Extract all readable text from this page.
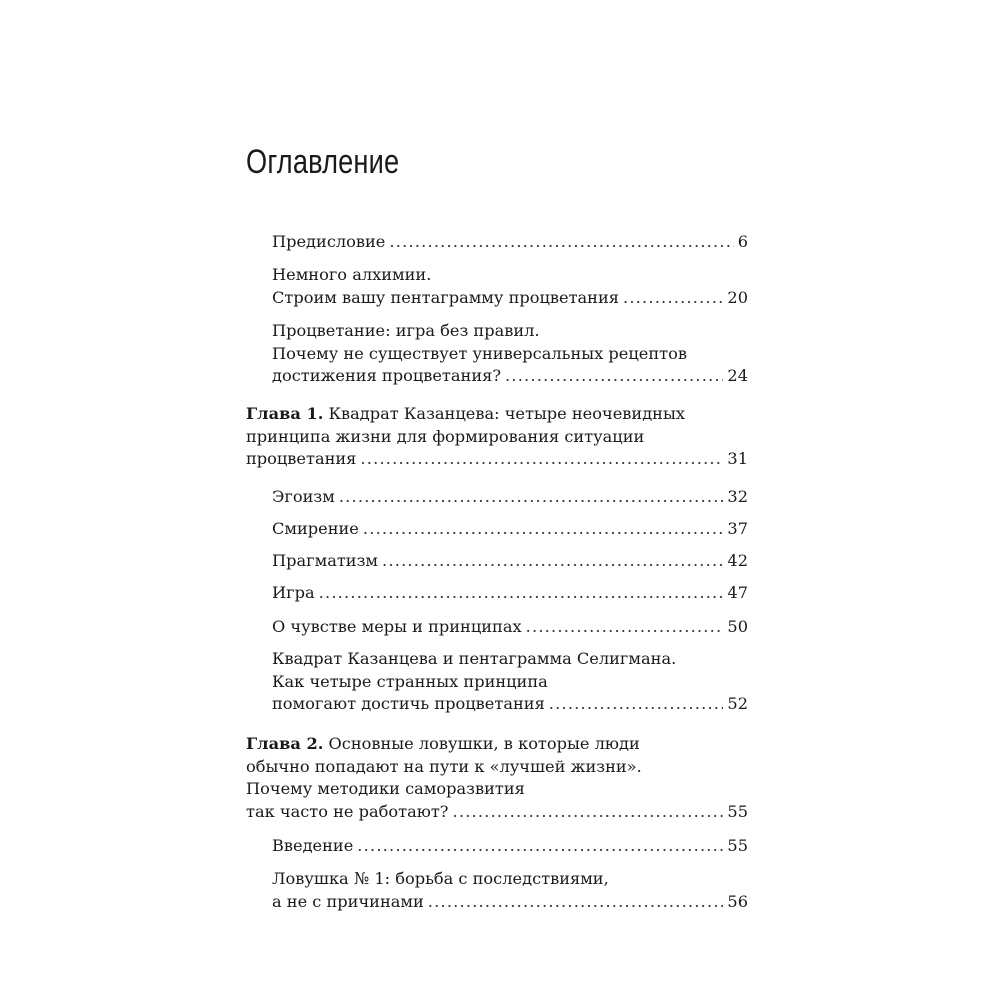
Оглавление
Предисловие .....	6
Немного алхимии.
Строим вашу пентаграмму процветания .....	20
Процветание: игра без правил.
Почему не существует универсальных рецептов
достижения процветания? .....	24
Глава 1. Квадрат Казанцева: четыре неочевидных
принципа жизни для формирования ситуации
процветания .....	31
Эгоизм .....	32
Смирение .....	37
Прагматизм .....	42
Игра .....	47
О чувстве меры и принципах .....	50
Квадрат Казанцева и пентаграмма Селигмана.
Как четыре странных принципа
помогают достичь процветания .....	52
Глава 2. Основные ловушки, в которые люди
обычно попадают на пути к «лучшей жизни».
Почему методики саморазвития
так часто не работают? .....	55
Введение .....	55
Ловушка № 1: борьба с последствиями,
а не с причинами .....	56
